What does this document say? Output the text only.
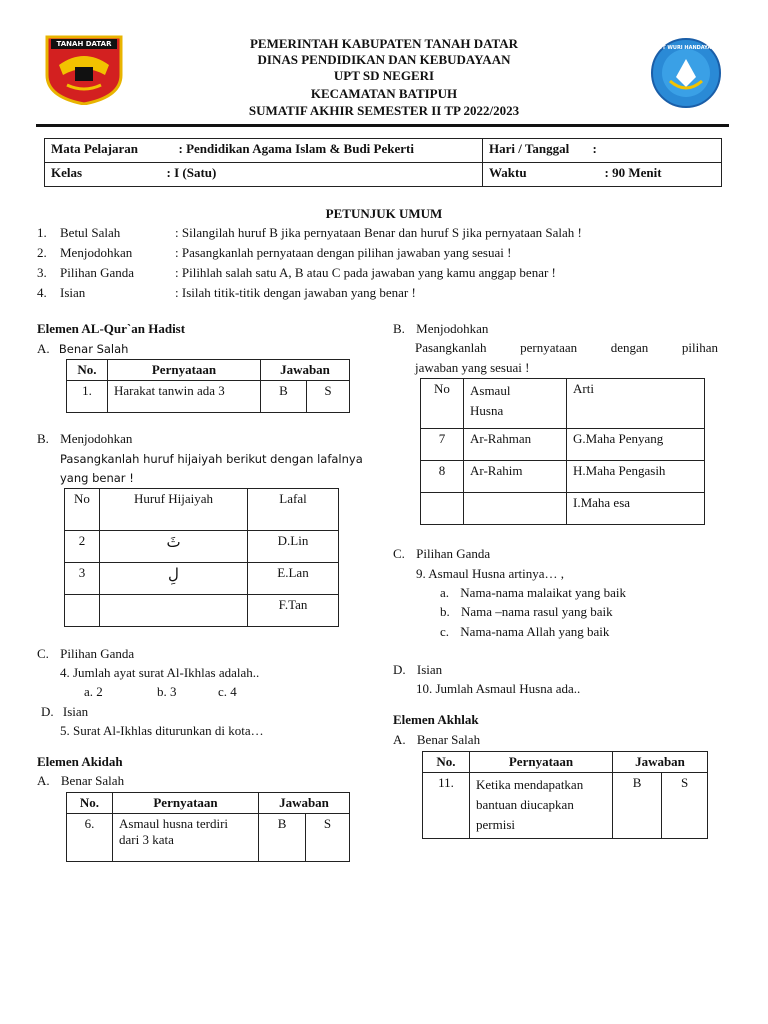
TANAH DATAR	TUT WURI HANDAYANI
PEMERINTAH KABUPATEN TANAH DATAR
DINAS PENDIDIKAN DAN KEBUDAYAAN
UPT SD NEGERI
KECAMATAN BATIPUH
SUMATIF AKHIR SEMESTER II TP 2022/2023
Mata Pelajaran : Pendidikan Agama Islam & Budi Pekerti	Hari / Tanggal :
Kelas : I (Satu)	Waktu : 90 Menit
PETUNJUK UMUM
1. Betul Salah	: Silangilah huruf B jika pernyataan Benar dan huruf S jika pernyataan Salah !
2. Menjodohkan	: Pasangkanlah pernyataan dengan pilihan jawaban yang sesuai !
3. Pilihan Ganda	: Pilihlah salah satu A, B atau C pada jawaban yang kamu anggap benar !
4. Isian	: Isilah titik-titik dengan jawaban yang benar !
Elemen AL-Qur`an Hadist
A. Benar Salah
No.	Pernyataan	Jawaban	
1.	Harakat tanwin ada 3	B	S
B. Menjodohkan
Pasangkanlah huruf hijaiyah berikut dengan lafalnya
yang benar !
No	Huruf Hijaiyah	Lafal
2	ثَ	D.Lin
3	لِ	E.Lan
		F.Tan
C. Pilihan Ganda
4. Jumlah ayat surat Al-Ikhlas adalah..
a. 2	b. 3	c. 4
D. Isian
5. Surat Al-Ikhlas diturunkan di kota…
Elemen Akidah
A. Benar Salah
No.	Pernyataan	Jawaban	
6.	Asmaul husna terdiri
dari 3 kata	B	S
B. Menjodohkan
Pasangkanlah	pernyataan	dengan	pilihan
jawaban yang sesuai !
No	Asmaul
Husna	Arti
7	Ar-Rahman	G.Maha Penyang
8	Ar-Rahim	H.Maha Pengasih
		I.Maha esa
C. Pilihan Ganda
9. Asmaul Husna artinya… ,
a. Nama-nama malaikat yang baik
b. Nama –nama rasul yang baik
c. Nama-nama Allah yang baik
D. Isian
10. Jumlah Asmaul Husna ada..
Elemen Akhlak
A. Benar Salah
No.	Pernyataan	Jawaban	
11.	Ketika mendapatkan
bantuan diucapkan
permisi	B	S
